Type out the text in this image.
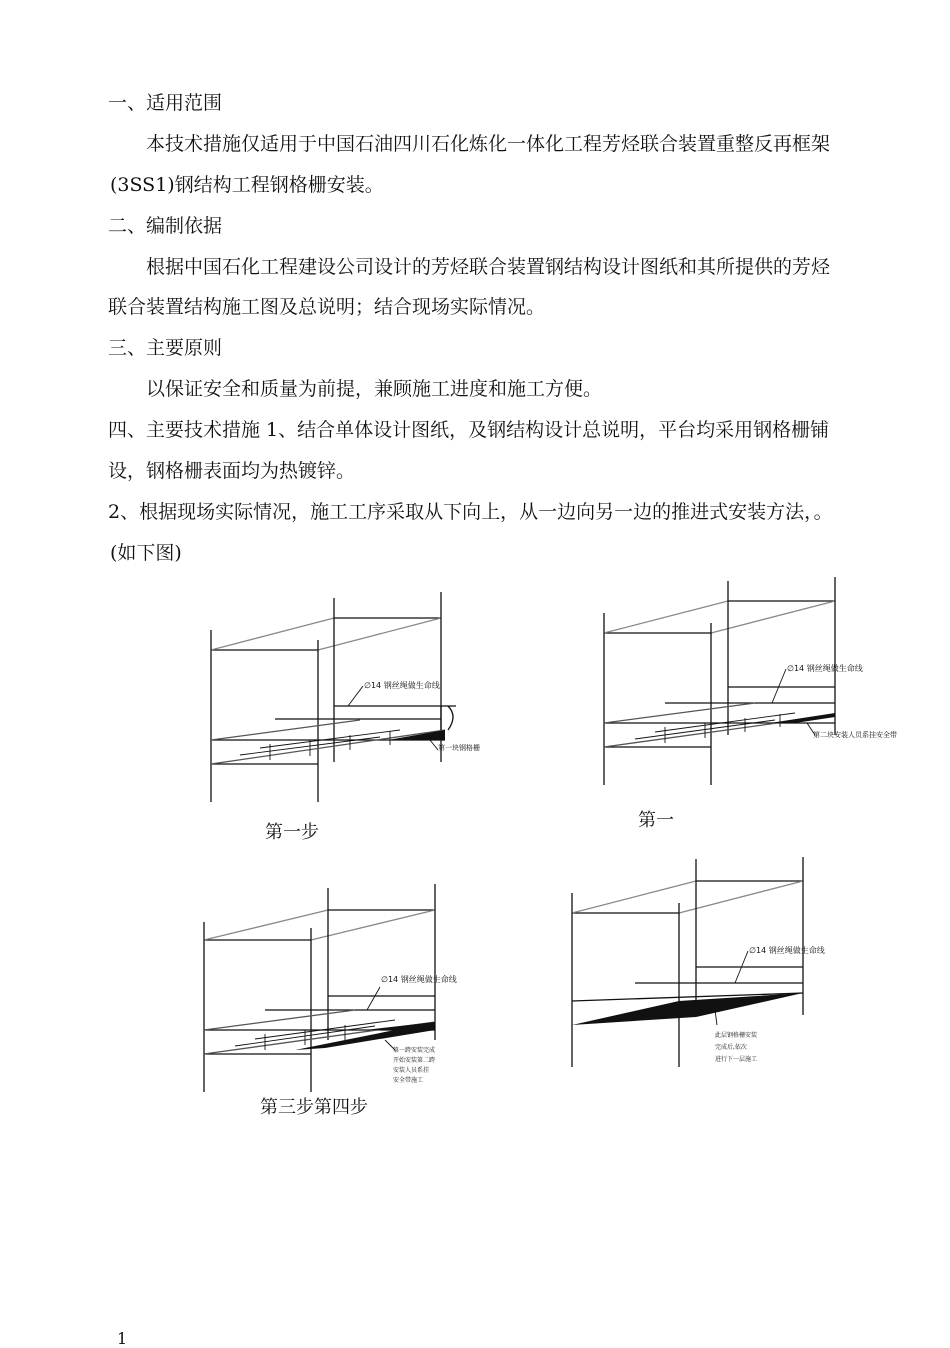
一、适用范围
本技术措施仅适用于中国石油四川石化炼化一体化工程芳烃联合装置重整反再框架
(3SS1)钢结构工程钢格栅安装。
二、编制依据
根据中国石化工程建设公司设计的芳烃联合装置钢结构设计图纸和其所提供的芳烃
联合装置结构施工图及总说明；结合现场实际情况。
三、主要原则
以保证安全和质量为前提，兼顾施工进度和施工方便。
四、主要技术措施 1、结合单体设计图纸，及钢结构设计总说明，平台均采用钢格栅铺
设，钢格栅表面均为热镀锌。
2、根据现场实际情况，施工工序采取从下向上，从一边向另一边的推进式安装方法，。
(如下图)
∅14 钢丝绳做生命线
第一块钢格栅
第一步
∅14 钢丝绳做生命线
第二块安装人员系挂安全带
第一
∅14 钢丝绳做生命线
第一跨安装完成
开始安装第二跨
安装人员系挂
安全带施工
第三步第四步
∅14 钢丝绳做生命线
此层钢格栅安装
完成后,依次
进行下一层施工
1
